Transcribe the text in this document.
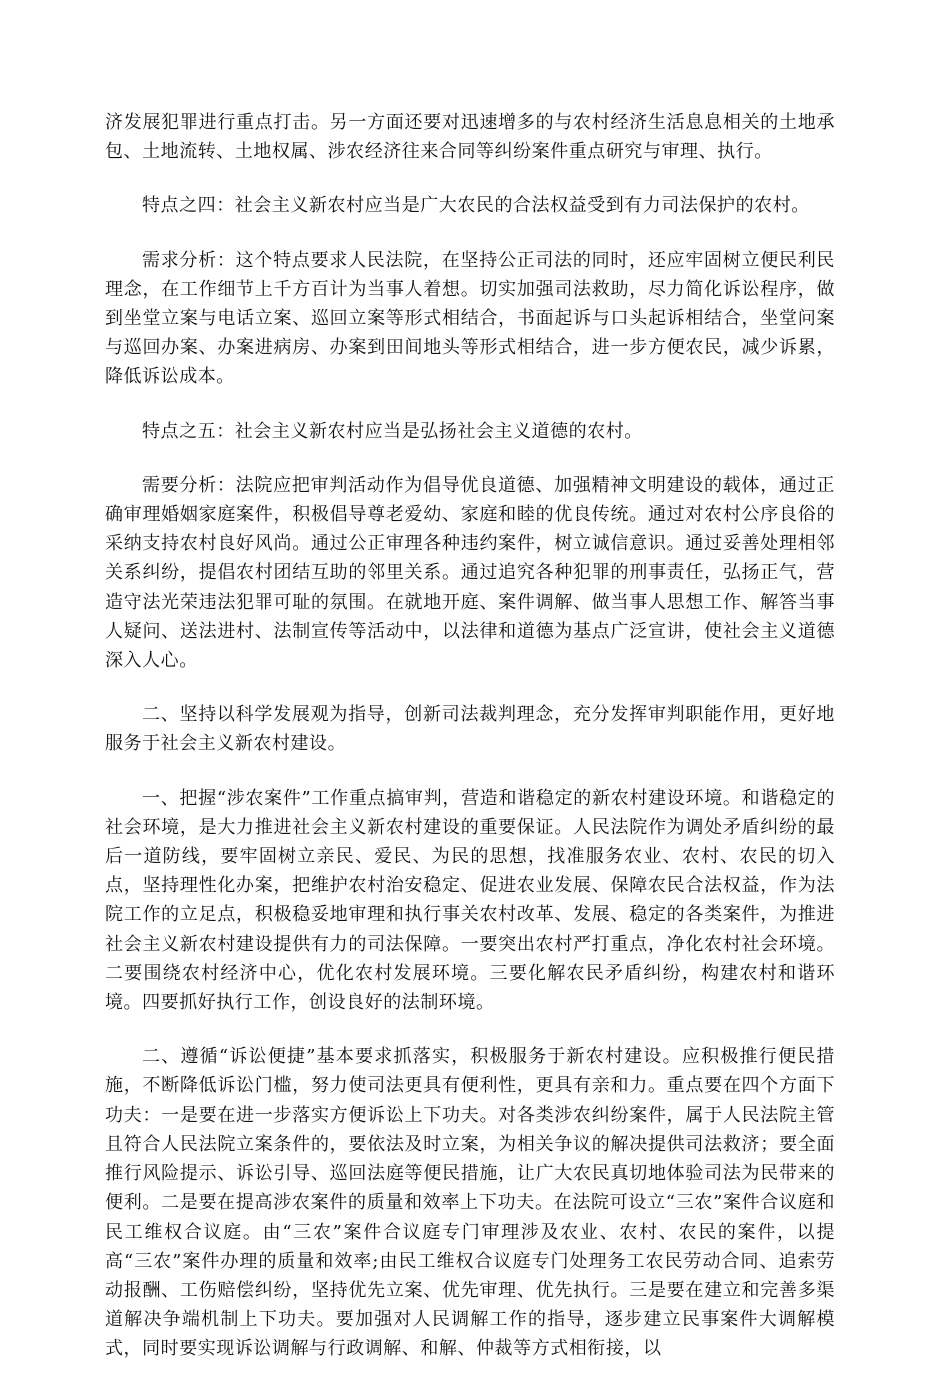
济发展犯罪进行重点打击。另一方面还要对迅速增多的与农村经济生活息息相关的土地承包、土地流转、土地权属、涉农经济往来合同等纠纷案件重点研究与审理、执行。

特点之四：社会主义新农村应当是广大农民的合法权益受到有力司法保护的农村。

需求分析：这个特点要求人民法院，在坚持公正司法的同时，还应牢固树立便民利民理念，在工作细节上千方百计为当事人着想。切实加强司法救助，尽力简化诉讼程序，做到坐堂立案与电话立案、巡回立案等形式相结合，书面起诉与口头起诉相结合，坐堂问案与巡回办案、办案进病房、办案到田间地头等形式相结合，进一步方便农民，减少诉累，降低诉讼成本。

特点之五：社会主义新农村应当是弘扬社会主义道德的农村。

需要分析：法院应把审判活动作为倡导优良道德、加强精神文明建设的载体，通过正确审理婚姻家庭案件，积极倡导尊老爱幼、家庭和睦的优良传统。通过对农村公序良俗的采纳支持农村良好风尚。通过公正审理各种违约案件，树立诚信意识。通过妥善处理相邻关系纠纷，提倡农村团结互助的邻里关系。通过追究各种犯罪的刑事责任，弘扬正气，营造守法光荣违法犯罪可耻的氛围。在就地开庭、案件调解、做当事人思想工作、解答当事人疑问、送法进村、法制宣传等活动中，以法律和道德为基点广泛宣讲，使社会主义道德深入人心。

二、坚持以科学发展观为指导，创新司法裁判理念，充分发挥审判职能作用，更好地服务于社会主义新农村建设。

一、把握“涉农案件”工作重点搞审判，营造和谐稳定的新农村建设环境。和谐稳定的社会环境，是大力推进社会主义新农村建设的重要保证。人民法院作为调处矛盾纠纷的最后一道防线，要牢固树立亲民、爱民、为民的思想，找准服务农业、农村、农民的切入点，坚持理性化办案，把维护农村治安稳定、促进农业发展、保障农民合法权益，作为法院工作的立足点，积极稳妥地审理和执行事关农村改革、发展、稳定的各类案件，为推进社会主义新农村建设提供有力的司法保障。一要突出农村严打重点，净化农村社会环境。二要围绕农村经济中心，优化农村发展环境。三要化解农民矛盾纠纷，构建农村和谐环境。四要抓好执行工作，创设良好的法制环境。

二、遵循“诉讼便捷”基本要求抓落实，积极服务于新农村建设。应积极推行便民措施，不断降低诉讼门槛，努力使司法更具有便利性，更具有亲和力。重点要在四个方面下功夫：一是要在进一步落实方便诉讼上下功夫。对各类涉农纠纷案件，属于人民法院主管且符合人民法院立案条件的，要依法及时立案，为相关争议的解决提供司法救济；要全面推行风险提示、诉讼引导、巡回法庭等便民措施，让广大农民真切地体验司法为民带来的便利。二是要在提高涉农案件的质量和效率上下功夫。在法院可设立“三农”案件合议庭和民工维权合议庭。由“三农”案件合议庭专门审理涉及农业、农村、农民的案件，以提高“三农”案件办理的质量和效率;由民工维权合议庭专门处理务工农民劳动合同、追索劳动报酬、工伤赔偿纠纷，坚持优先立案、优先审理、优先执行。三是要在建立和完善多渠道解决争端机制上下功夫。要加强对人民调解工作的指导，逐步建立民事案件大调解模式，同时要实现诉讼调解与行政调解、和解、仲裁等方式相衔接，以
